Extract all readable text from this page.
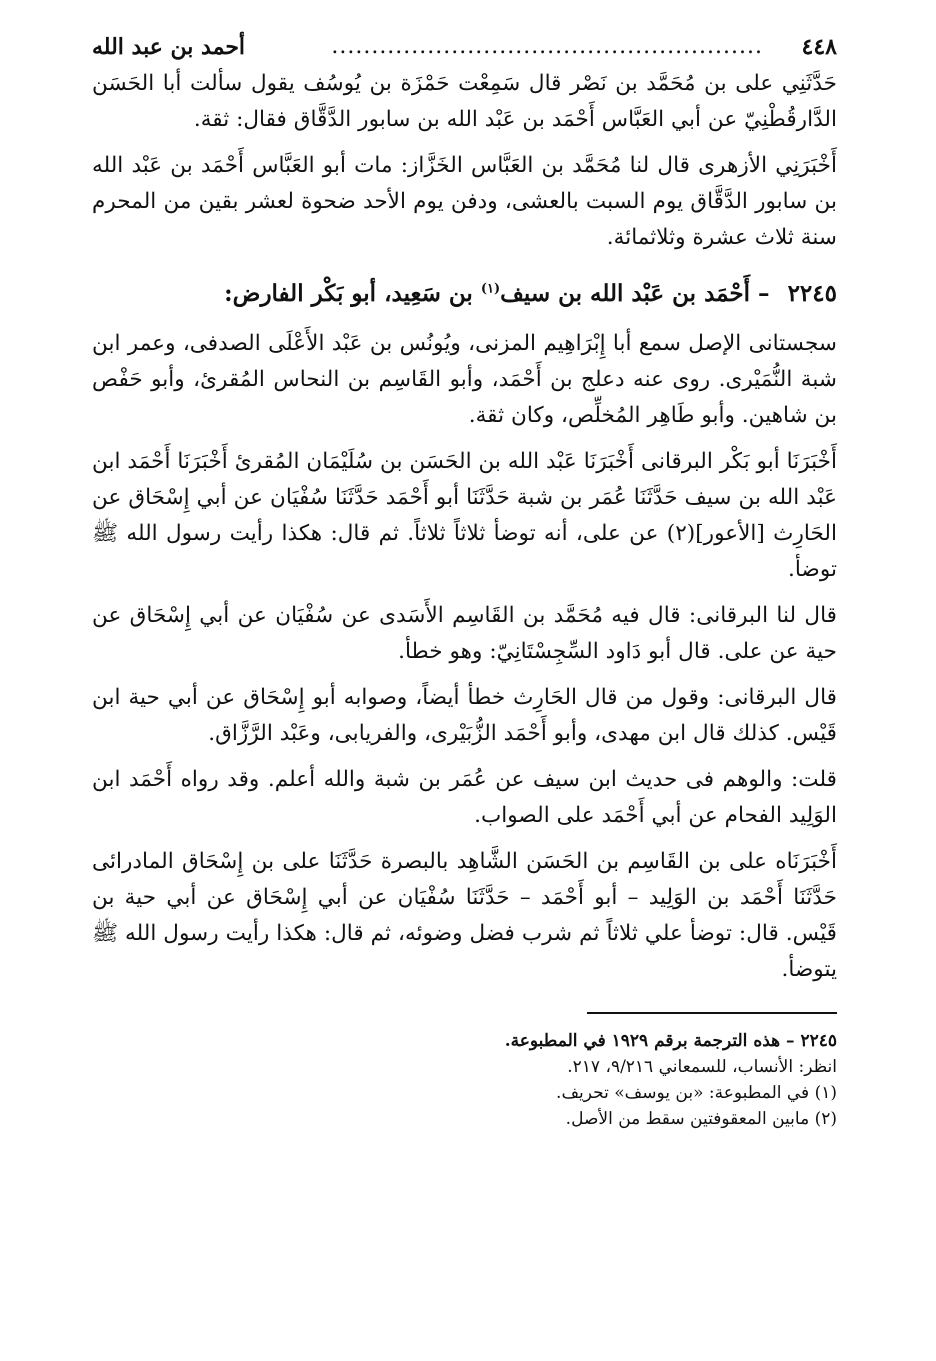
٤٤٨
......................................................
أحمد بن عبد الله

حَدَّثَنِي على بن مُحَمَّد بن نَصْر قال سَمِعْت حَمْزَة بن يُوسُف يقول سألت أبا الحَسَن الدَّارقُطْنِيّ عن أبي العَبَّاس أَحْمَد بن عَبْد الله بن سابور الدَّقَّاق فقال: ثقة.

أَخْبَرَنِي الأزهرى قال لنا مُحَمَّد بن العَبَّاس الخَزَّاز: مات أبو العَبَّاس أَحْمَد بن عَبْد الله بن سابور الدَّقَّاق يوم السبت بالعشى، ودفن يوم الأحد ضحوة لعشر بقين من المحرم سنة ثلاث عشرة وثلاثمائة.

٢٢٤٥ – أَحْمَد بن عَبْد الله بن سيف$^{(١)}$ بن سَعِيد، أبو بَكْر الفارض:

سجستانى الإصل سمع أبا إِبْرَاهِيم المزنى، ويُونُس بن عَبْد الأَعْلَى الصدفى، وعمر ابن شبة النُّمَيْرى. روى عنه دعلج بن أَحْمَد، وأبو القَاسِم بن النحاس المُقرئ، وأبو حَفْص بن شاهين. وأبو طَاهِر المُخلِّص، وكان ثقة.

أَخْبَرَنَا أبو بَكْر البرقانى أَخْبَرَنَا عَبْد الله بن الحَسَن بن سُلَيْمَان المُقرئ أَخْبَرَنَا أَحْمَد ابن عَبْد الله بن سيف حَدَّثَنَا عُمَر بن شبة حَدَّثَنَا أبو أَحْمَد حَدَّثَنَا سُفْيَان عن أبي إِسْحَاق عن الحَارِث [الأعور](٢) عن على، أنه توضأ ثلاثاً ثلاثاً. ثم قال: هكذا رأيت رسول الله ﷺ توضأ.

قال لنا البرقانى: قال فيه مُحَمَّد بن القَاسِم الأَسَدى عن سُفْيَان عن أبي إِسْحَاق عن حية عن على. قال أبو دَاود السِّجِسْتَانِيّ: وهو خطأ.

قال البرقانى: وقول من قال الحَارِث خطأ أيضاً، وصوابه أبو إِسْحَاق عن أبي حية ابن قَيْس. كذلك قال ابن مهدى، وأبو أَحْمَد الزُّبَيْرى، والفريابى، وعَبْد الرَّزَّاق.

قلت: والوهم فى حديث ابن سيف عن عُمَر بن شبة والله أعلم. وقد رواه أَحْمَد ابن الوَلِيد الفحام عن أبي أَحْمَد على الصواب.

أَخْبَرَنَاه على بن القَاسِم بن الحَسَن الشَّاهِد بالبصرة حَدَّثَنَا على بن إِسْحَاق المادرائى حَدَّثَنَا أَحْمَد بن الوَلِيد – أبو أَحْمَد – حَدَّثَنَا سُفْيَان عن أبي إِسْحَاق عن أبي حية بن قَيْس. قال: توضأ علي ثلاثاً ثم شرب فضل وضوئه، ثم قال: هكذا رأيت رسول الله ﷺ يتوضأ.

٢٢٤٥ – هذه الترجمة برقم ١٩٢٩ في المطبوعة.

انظر: الأنساب، للسمعاني ٩/٢١٦، ٢١٧.

(١) في المطبوعة: «بن يوسف» تحريف.

(٢) مابين المعقوفتين سقط من الأصل.
